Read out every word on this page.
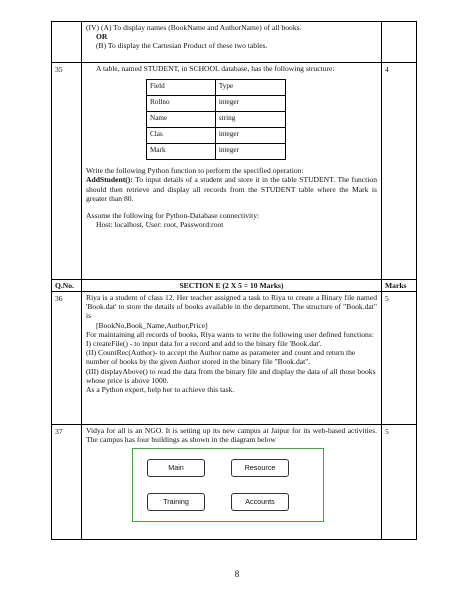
(IV) (A) To display names (BookName and AuthorName) of all books.

OR

(B) To display the Cartesian Product of these two tables.

35	A table, named STUDENT, in SCHOOL database, has the following structure:

Field	Type
Rollno	integer
Name	string
Clas	integer
Mark	integer

Write the following Python function to perform the specified operation:

AddStudent(): To input details of a student and store it in the table STUDENT. The function should then retrieve and display all records from the STUDENT table where the Mark is greater than 80.

Assume the following for Python-Database connectivity:

Host: localhost, User: root, Password:root

	4
Q.No.	SECTION E (2 X 5 = 10 Marks)	Marks
36	Riya is a student of class 12. Her teacher assigned a task to Riya to create a Binary file named 'Book.dat' to store the details of books available in the department. The structure of "Book.dat" is

[BookNo,Book_Name,Author,Price]

For maintaining all records of books, Riya wants to write the following user defined functions:

I) createFile() - to input data for a record and add to the binary file 'Book.dat'.

(II) CountRec(Author)- to accept the Author name as parameter and count and return the number of books by the given Author stored in the binary file "Book.dat".

(III) displayAbove() to read the data from the binary file and display the data of all those books whose price is above 1000.

As a Python expert, help her to achieve this task.

	5
37	Vidya for all is an NGO. It is setting up its new campus at Jaipur for its web-based activities. The campus has four buildings as shown in the diagram below

Main	Resource
Training	Accounts
	5
8
